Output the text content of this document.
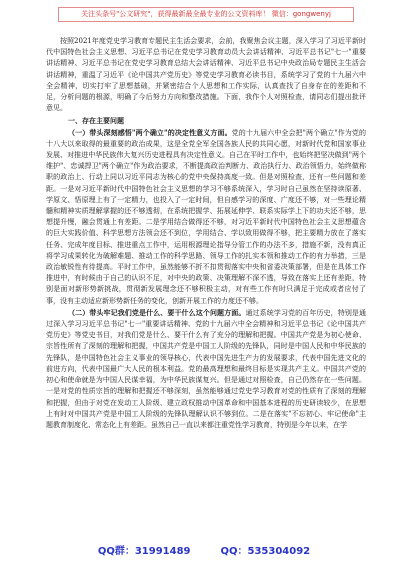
关注头条号"公文研究"，获得最新最全最专业的公文资料库！ 微信：gongwenyj

按照2021年度党史学习教育专题民主生活会要求，会前，我聚焦会议主题，深入学习了习近平新时代中国特色社会主义思想、习近平总书记在党史学习教育动员大会讲话精神、习近平总书记"七一"重要讲话精神、习近平总书记在党史学习教育总结大会讲话精神、习近平总书记中央政治局专题民主生活会讲话精神，重温了习近平《论中国共产党历史》等党史学习教育必读书目，系统学习了党的十九届六中全会精神，切实打牢了思想基础，并紧密结合个人思想和工作实际，认真查找了自身存在的差距和不足，分析问题的根源，明确了今后努力方向和整改措施。下面，我作个人对照检查，请同志们提出批评意见。

一、存在主要问题

（一）带头深刻感悟"两个确立"的决定性意义方面。党的十九届六中全会把"两个确立"作为党的十八大以来取得的最重要的政治成果，这是全党全军全国各族人民的共同心愿，对新时代党和国家事业发展、对推进中华民族伟大复兴历史进程具有决定性意义。自己在平时工作中，也始终把坚决做到"两个维护"、忠诚捍卫"两个确立"作为政治要求，不断提高政治判断力、政治执行力、政治领悟力，始终做称职的政治上、行动上同以习近平同志为核心的党中央保持高度一致。但是对照检查，还有一些问题和差距。一是对习近平新时代中国特色社会主义思想的学习不够系统深入，学习时自己虽然在坚持读原著、学原文、悟原理上有了一定精力，也投入了一定时间，但自感学习的深度、广度还不够，对一些理论精髓和精神实质理解掌握的还不够透彻，在系统把握学、拓展延伸学、联系实际学上下的功夫还不够，思想提升慢，融会贯通上有差距。二是学用结合做得还不够，对习近平新时代中国特色社会主义思想蕴含的巨大实践价值、科学思想方法领会还不到位，学用结合、学以致用做得不够，把主要精力放在了落实任务、完成年度目标、推进重点工作中，运用根源理论指导分管工作的办法不多，措施不新，没有真正将学习成果转化为破解难题、推动工作的科学思路、领导工作的扎实本领和推动工作的有力举措，三是政治敏锐性有待提高。平时工作中，虽然能够不折不扣贯彻落实中央和省委决策部署，但是在具体工作推进中，有时候由于自己的认识不足，对中央的政策、决策理解不深不透，导致在落实上还有差距，特别是面对新形势新挑战，贯彻新发展理念还不够积极主动，对有些工作有时只满足于完成或者应付了事，没有主动适应新形势新任务的变化，创新开展工作的力度还不够。

（二）带头牢记我们党是什么、要干什么这个问题方面。通过系统学习党的百年历史，特别是通过深入学习习近平总书记"七一"重要讲话精神、党的十九届六中全会精神和习近平总书记《论中国共产党历史》等党史书目，对我们党是什么、要干什么有了充分的理解和把握。中国共产党是为初心使命、宗旨性所有了深刻的理解和把握，中国共产党是中国工人阶级的先锋队，同时是中国人民和中华民族的先锋队，是中国特色社会主义事业的领导核心，代表中国先进生产力的发展要求，代表中国先进文化的前进方向，代表中国最广大人民的根本利益。党的最高理想和最终目标是实现共产主义。中国共产党的初心和使命就是为中国人民谋幸福，为中华民族谋复兴。但是通过对照检查，自己仍然存在一些问题。一是对党的性质宗旨的理解和把握还不够深刻，虽然能够通过党史学习教育对党的性质有了深刻的理解和把握，但由于对党在发动工人阶级、建立政权推动中国革命和中国基本进程的历史研读较少，在思想上有时对中国共产党是中国工人阶级的先锋队理解认识不够到位。二是在落实"不忘初心、牢记使命"主题教育制度化、常态化上有差距。虽然自己一直以来都注重党性学习教育，特别是今年以来，在学

QQ群：31991489	QQ：535304092
